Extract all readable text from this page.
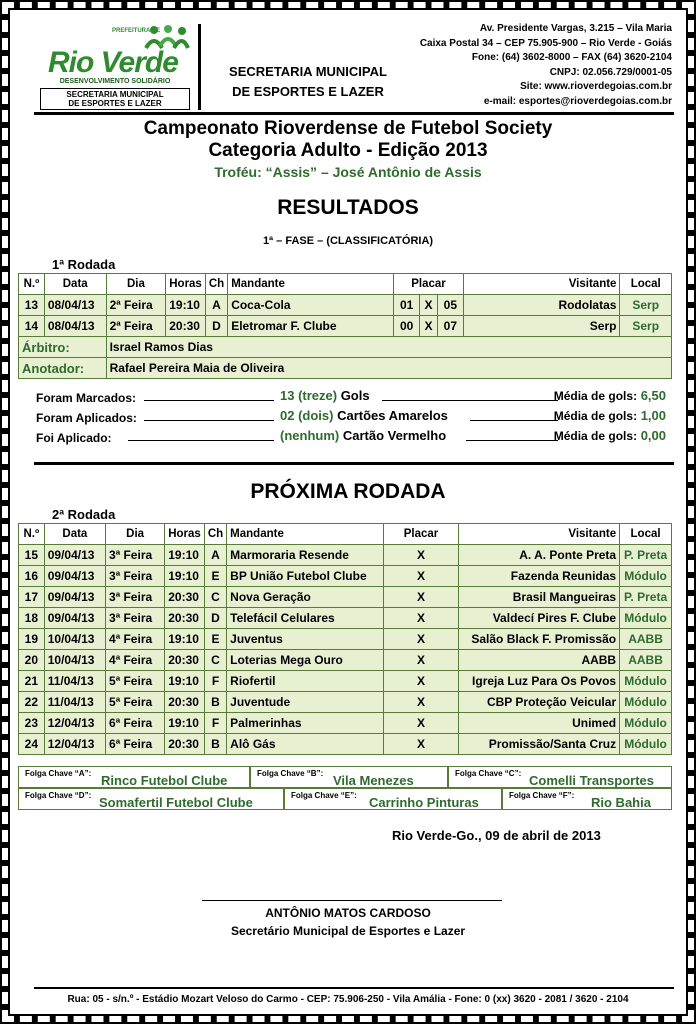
PREFEITURA DE
Rio Verde
DESENVOLVIMENTO SOLIDÁRIO
SECRETARIA MUNICIPAL
DE ESPORTES E LAZER
SECRETARIA MUNICIPAL
DE ESPORTES E LAZER
Av. Presidente Vargas, 3.215 – Vila Maria
Caixa Postal 34 – CEP 75.905-900 – Rio Verde - Goiás
Fone: (64) 3602-8000 – FAX (64) 3620-2104
CNPJ: 02.056.729/0001-05
Site: www.rioverdegoias.com.br
e-mail: esportes@rioverdegoias.com.br
Campeonato Rioverdense de Futebol Society
Categoria Adulto - Edição 2013
Troféu: “Assis” – José Antônio de Assis
RESULTADOS
1ª – FASE – (CLASSIFICATÓRIA)
1ª Rodada
N.º	Data	Dia	Horas	Ch	Mandante	Placar			Visitante	Local
13	08/04/13	2ª Feira	19:10	A	Coca-Cola	01	X	05	Rodolatas	Serp
14	08/04/13	2ª Feira	20:30	D	Eletromar F. Clube	00	X	07	Serp	Serp
Árbitro:		Israel Ramos Dias								
Anotador:		Rafael Pereira Maia de Oliveira								
Foram Marcados:	13 (treze) Gols	Média de gols: 6,50
Foram Aplicados:	02 (dois) Cartões Amarelos	Média de gols: 1,00
Foi Aplicado:	(nenhum) Cartão Vermelho	Média de gols: 0,00
PRÓXIMA RODADA
2ª Rodada
N.º	Data	Dia	Horas	Ch	Mandante	Placar	Visitante	Local
15	09/04/13	3ª Feira	19:10	A	Marmoraria Resende	X	A. A. Ponte Preta	P. Preta
16	09/04/13	3ª Feira	19:10	E	BP União Futebol Clube	X	Fazenda Reunidas	Módulo
17	09/04/13	3ª Feira	20:30	C	Nova Geração	X	Brasil Mangueiras	P. Preta
18	09/04/13	3ª Feira	20:30	D	Telefácil Celulares	X	Valdecí Pires F. Clube	Módulo
19	10/04/13	4ª Feira	19:10	E	Juventus	X	Salão Black F. Promissão	AABB
20	10/04/13	4ª Feira	20:30	C	Loterias Mega Ouro	X	AABB	AABB
21	11/04/13	5ª Feira	19:10	F	Riofertil	X	Igreja Luz Para Os Povos	Módulo
22	11/04/13	5ª Feira	20:30	B	Juventude	X	CBP Proteção Veicular	Módulo
23	12/04/13	6ª Feira	19:10	F	Palmerinhas	X	Unimed	Módulo
24	12/04/13	6ª Feira	20:30	B	Alô Gás	X	Promissão/Santa Cruz	Módulo
Folga Chave “A”: Rinco Futebol Clube	Folga Chave “B”: Vila Menezes	Folga Chave “C”: Comelli Transportes
Folga Chave “D”: Somafertil Futebol Clube	Folga Chave “E”: Carrinho Pinturas	Folga Chave “F”: Rio Bahia
Rio Verde-Go., 09 de abril de 2013
ANTÔNIO MATOS CARDOSO
Secretário Municipal de Esportes e Lazer
Rua: 05 - s/n.º - Estádio Mozart Veloso do Carmo - CEP: 75.906-250 - Vila Amália - Fone: 0 (xx) 3620 - 2081 / 3620 - 2104
